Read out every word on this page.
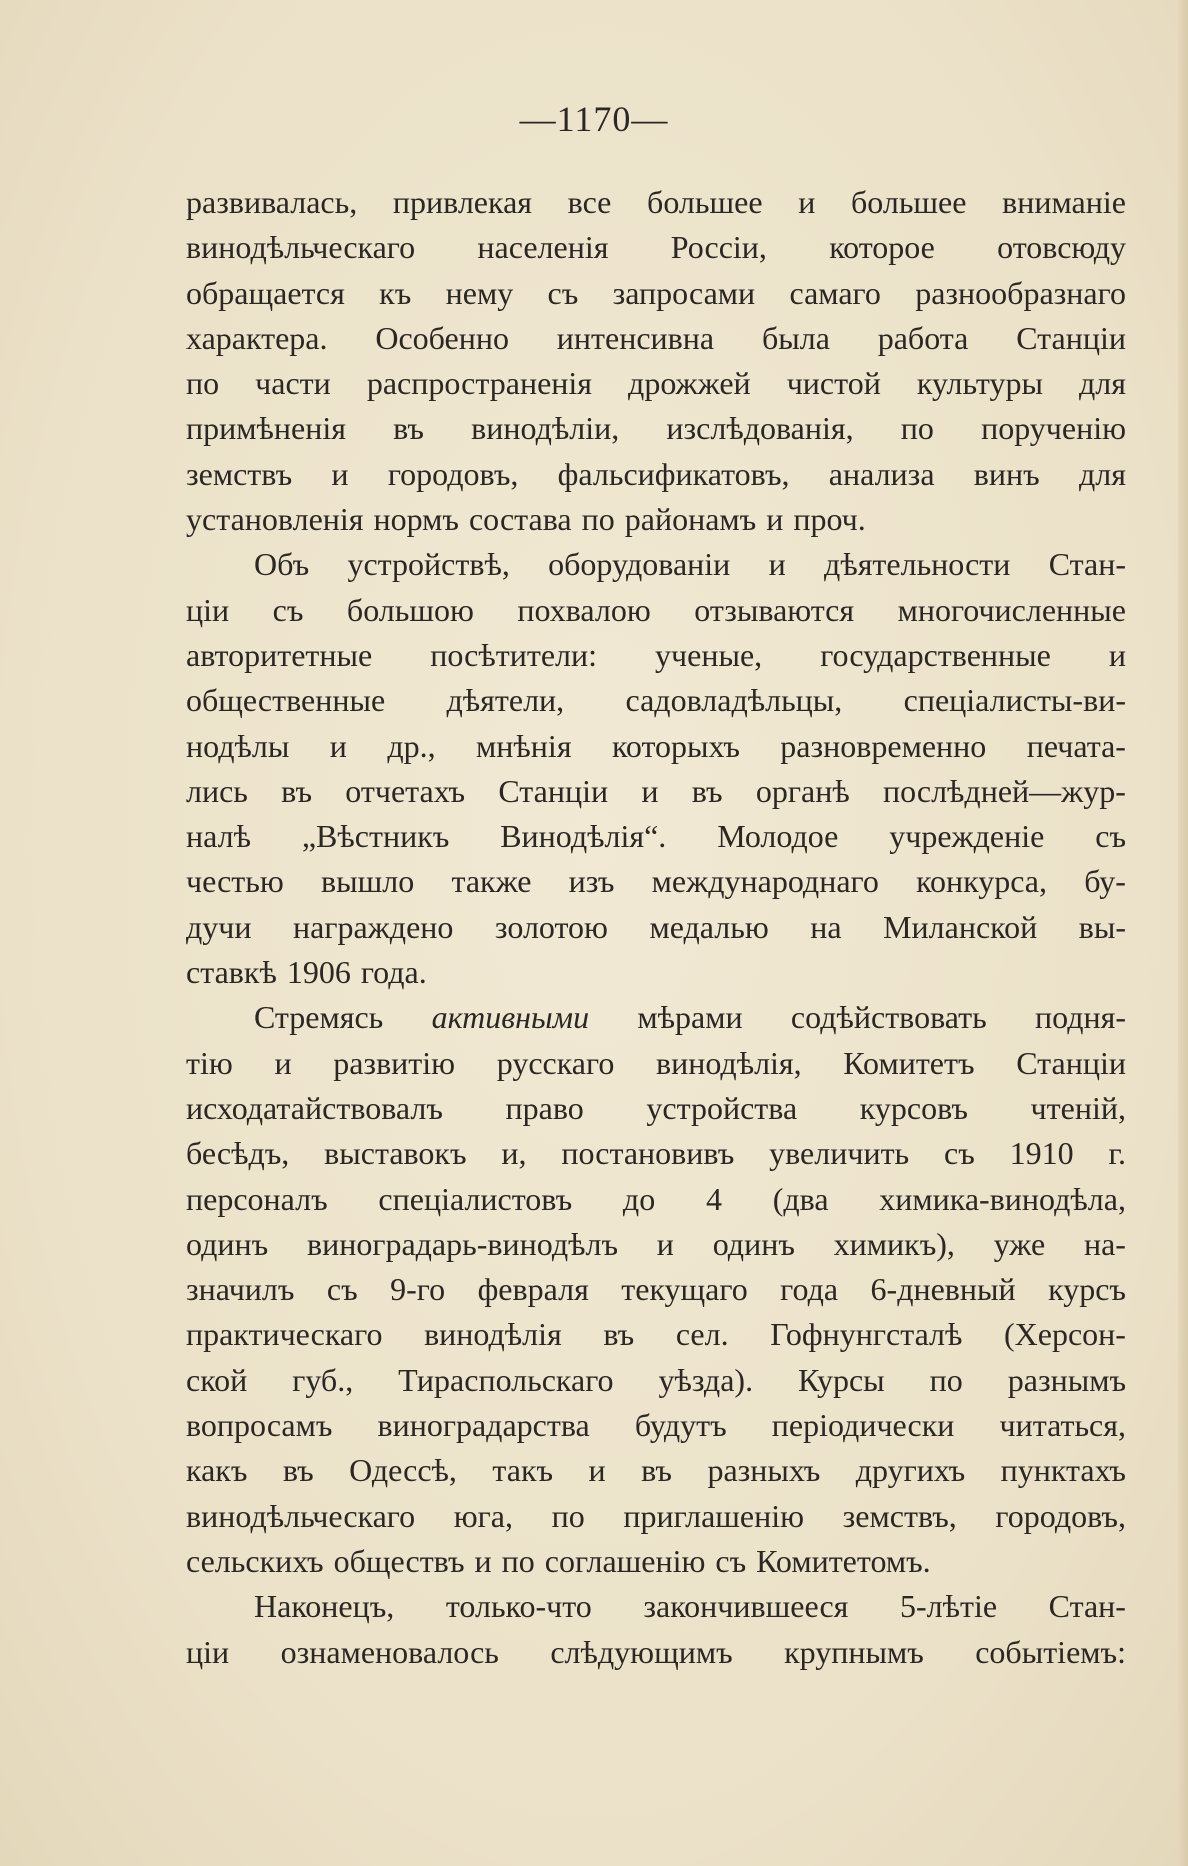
—1170—
развивалась, привлекая все большее и большее вниманіе
винодѣльческаго населенія Россіи, которое отовсюду
обращается къ нему съ запросами самаго разнообразнаго
характера. Особенно интенсивна была работа Станціи
по части распространенія дрожжей чистой культуры для
примѣненія въ винодѣліи, изслѣдованія, по порученію
земствъ и городовъ, фальсификатовъ, анализа винъ для
установленія нормъ состава по районамъ и проч.
Объ устройствѣ, оборудованіи и дѣятельности Стан-
ціи съ большою похвалою отзываются многочисленные
авторитетные посѣтители: ученые, государственные и
общественные дѣятели, садовладѣльцы, спеціалисты-ви-
нодѣлы и др., мнѣнія которыхъ разновременно печата-
лись въ отчетахъ Станціи и въ органѣ послѣдней—жур-
налѣ „Вѣстникъ Винодѣлія“. Молодое учрежденіе съ
честью вышло также изъ международнаго конкурса, бу-
дучи награждено золотою медалью на Миланской вы-
ставкѣ 1906 года.
Стремясь активными мѣрами содѣйствовать подня-
тію и развитію русскаго винодѣлія, Комитетъ Станціи
исходатайствовалъ право устройства курсовъ чтеній,
бесѣдъ, выставокъ и, постановивъ увеличить съ 1910 г.
персоналъ спеціалистовъ до 4 (два химика-винодѣла,
одинъ виноградарь-винодѣлъ и одинъ химикъ), уже на-
значилъ съ 9-го февраля текущаго года 6-дневный курсъ
практическаго винодѣлія въ сел. Гофнунгсталѣ (Херсон-
ской губ., Тираспольскаго уѣзда). Курсы по разнымъ
вопросамъ виноградарства будутъ періодически читаться,
какъ въ Одессѣ, такъ и въ разныхъ другихъ пунктахъ
винодѣльческаго юга, по приглашенію земствъ, городовъ,
сельскихъ обществъ и по соглашенію съ Комитетомъ.
Наконецъ, только-что закончившееся 5-лѣтіе Стан-
ціи ознаменовалось слѣдующимъ крупнымъ событіемъ:
